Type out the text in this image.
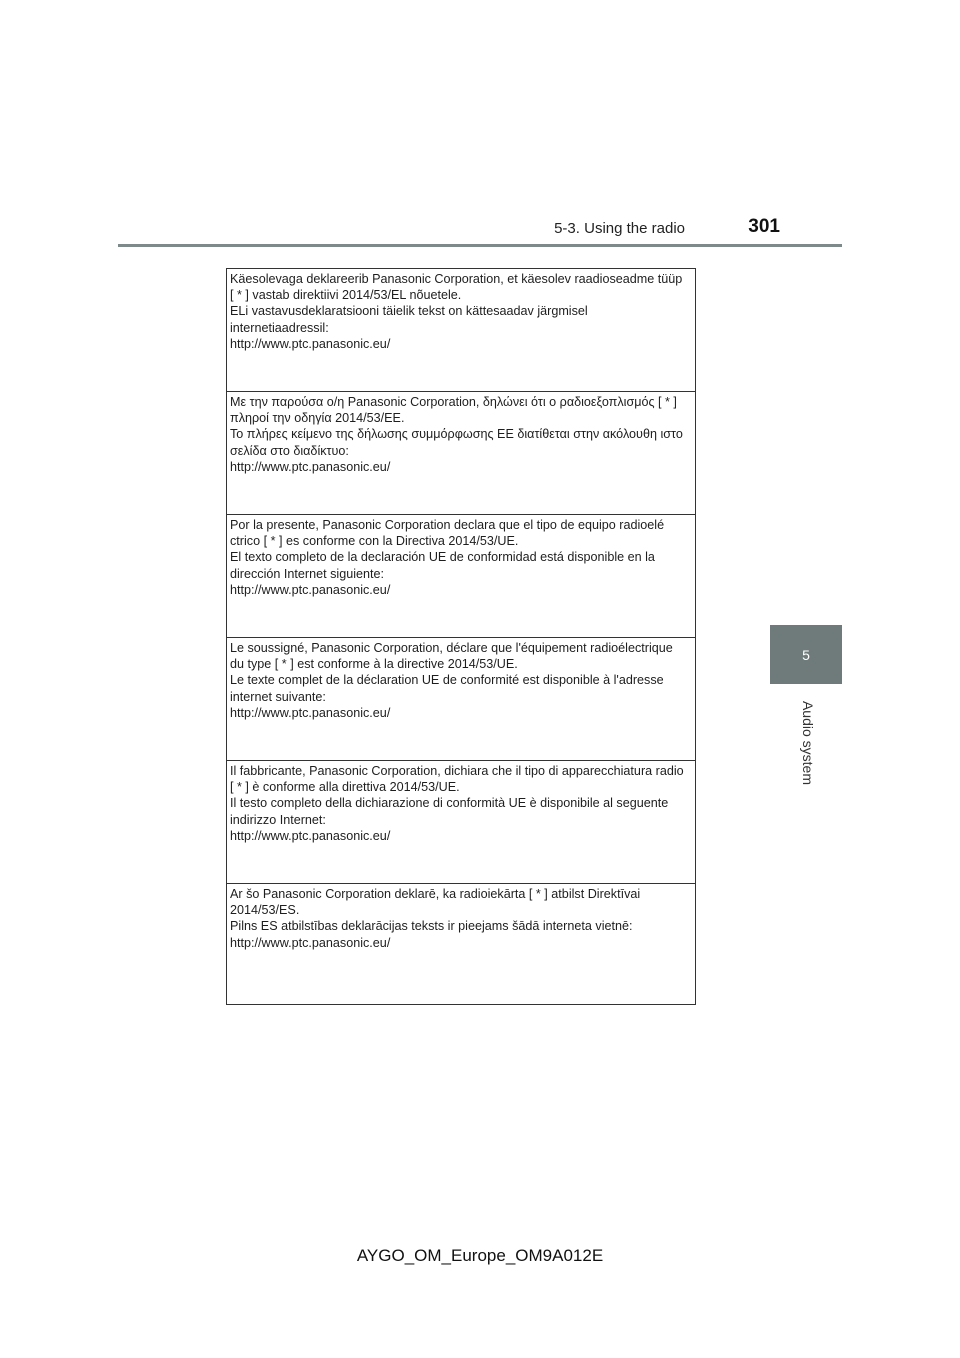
5-3. Using the radio	301
5
Audio system
Käesolevaga deklareerib Panasonic Corporation, et käesolev raadioseadme tüüp
[ * ] vastab direktiivi 2014/53/EL nõuetele.
ELi vastavusdeklaratsiooni täielik tekst on kättesaadav järgmisel
internetiaadressil:
http://www.ptc.panasonic.eu/
Με την παρούσα ο/η Panasonic Corporation, δηλώνει ότι ο ραδιοεξοπλισμός [ * ]
πληροί την οδηγία 2014/53/ΕΕ.
Το πλήρες κείμενο της δήλωσης συμμόρφωσης ΕΕ διατίθεται στην ακόλουθη ιστο
σελίδα στο διαδίκτυο:
http://www.ptc.panasonic.eu/
Por la presente, Panasonic Corporation declara que el tipo de equipo radioelé
ctrico [ * ] es conforme con la Directiva 2014/53/UE.
El texto completo de la declaración UE de conformidad está disponible en la
dirección Internet siguiente:
http://www.ptc.panasonic.eu/
Le soussigné, Panasonic Corporation, déclare que l'équipement radioélectrique
du type [ * ] est conforme à la directive 2014/53/UE.
Le texte complet de la déclaration UE de conformité est disponible à l'adresse
internet suivante:
http://www.ptc.panasonic.eu/
Il fabbricante, Panasonic Corporation, dichiara che il tipo di apparecchiatura radio
[ * ] è conforme alla direttiva 2014/53/UE.
Il testo completo della dichiarazione di conformità UE è disponibile al seguente
indirizzo Internet:
http://www.ptc.panasonic.eu/
Ar šo Panasonic Corporation deklarē, ka radioiekārta [ * ] atbilst Direktīvai
2014/53/ES.
Pilns ES atbilstības deklarācijas teksts ir pieejams šādā interneta vietnē:
http://www.ptc.panasonic.eu/
AYGO_OM_Europe_OM9A012E
